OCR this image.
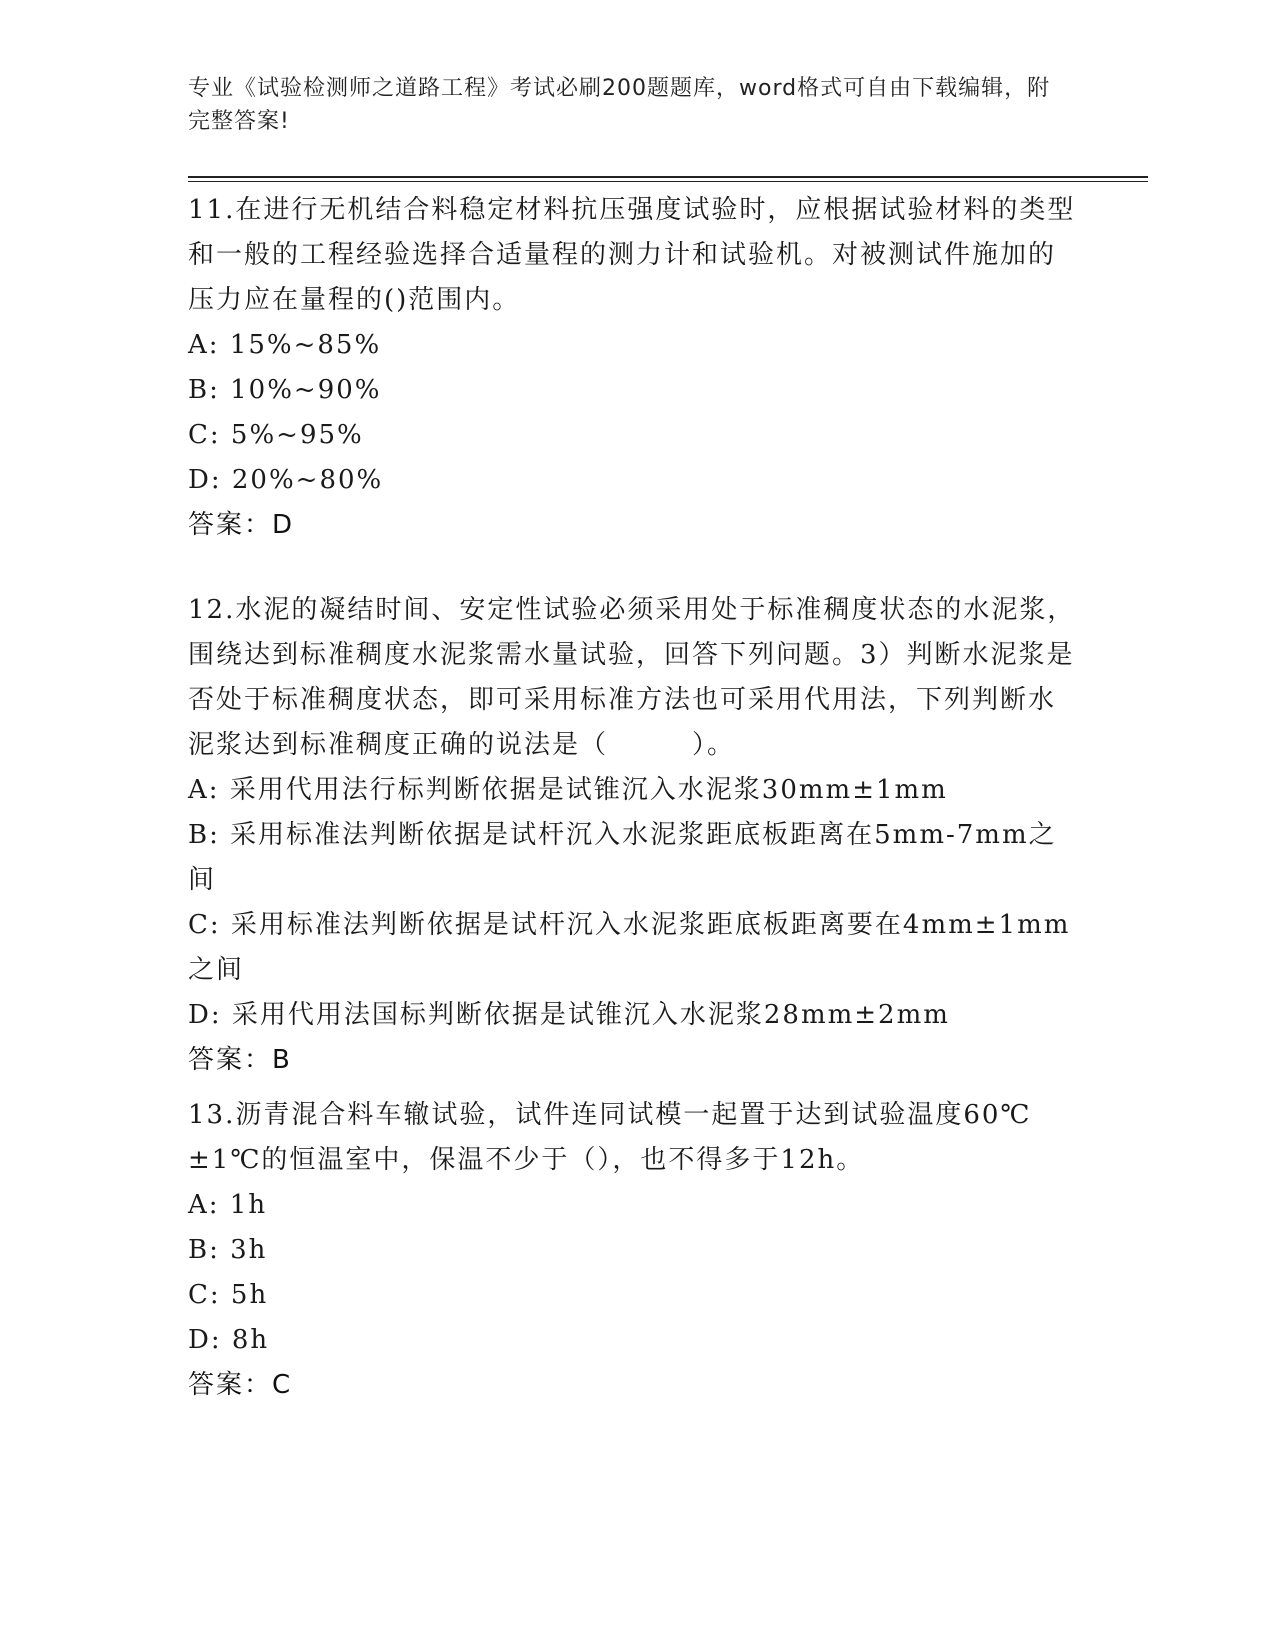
专业《试验检测师之道路工程》考试必刷200题题库，word格式可自由下载编辑，附完整答案!

11.在进行无机结合料稳定材料抗压强度试验时，应根据试验材料的类型和一般的工程经验选择合适量程的测力计和试验机。对被测试件施加的压力应在量程的()范围内。

A: 15%~85%

B: 10%~90%

C: 5%~95%

D: 20%~80%

答案：D

12.水泥的凝结时间、安定性试验必须采用处于标准稠度状态的水泥浆，围绕达到标准稠度水泥浆需水量试验，回答下列问题。3）判断水泥浆是否处于标准稠度状态，即可采用标准方法也可采用代用法，下列判断水泥浆达到标准稠度正确的说法是（　　　）。

A: 采用代用法行标判断依据是试锥沉入水泥浆30mm±1mm

B: 采用标准法判断依据是试杆沉入水泥浆距底板距离在5mm-7mm之间

C: 采用标准法判断依据是试杆沉入水泥浆距底板距离要在4mm±1mm之间

D: 采用代用法国标判断依据是试锥沉入水泥浆28mm±2mm

答案：B

13.沥青混合料车辙试验，试件连同试模一起置于达到试验温度60℃±1℃的恒温室中，保温不少于（），也不得多于12h。

A: 1h

B: 3h

C: 5h

D: 8h

答案：C
